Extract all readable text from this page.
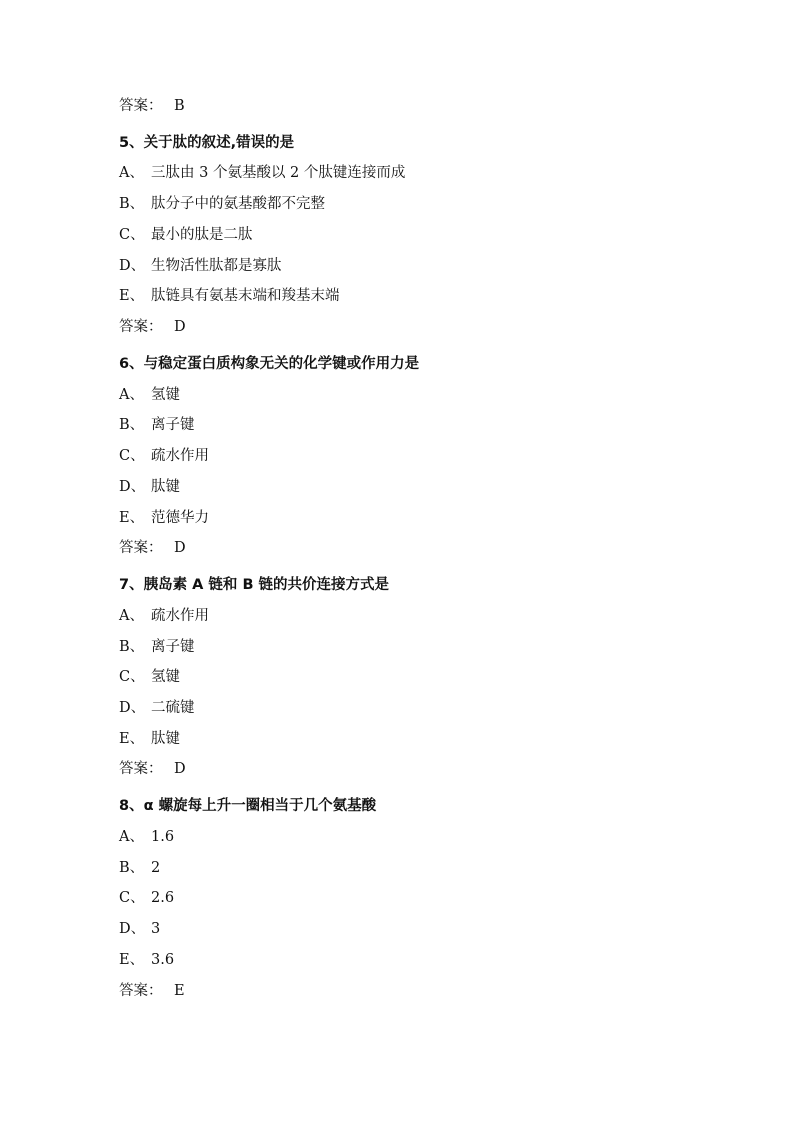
答案： B
5、关于肽的叙述,错误的是
A、 三肽由 3 个氨基酸以 2 个肽键连接而成
B、 肽分子中的氨基酸都不完整
C、 最小的肽是二肽
D、 生物活性肽都是寡肽
E、 肽链具有氨基末端和羧基末端
答案： D
6、与稳定蛋白质构象无关的化学键或作用力是
A、 氢键
B、 离子键
C、 疏水作用
D、 肽键
E、 范德华力
答案： D
7、胰岛素 A 链和 B 链的共价连接方式是
A、 疏水作用
B、 离子键
C、 氢键
D、 二硫键
E、 肽键
答案： D
8、α 螺旋每上升一圈相当于几个氨基酸
A、 1.6
B、 2
C、 2.6
D、 3
E、 3.6
答案： E
